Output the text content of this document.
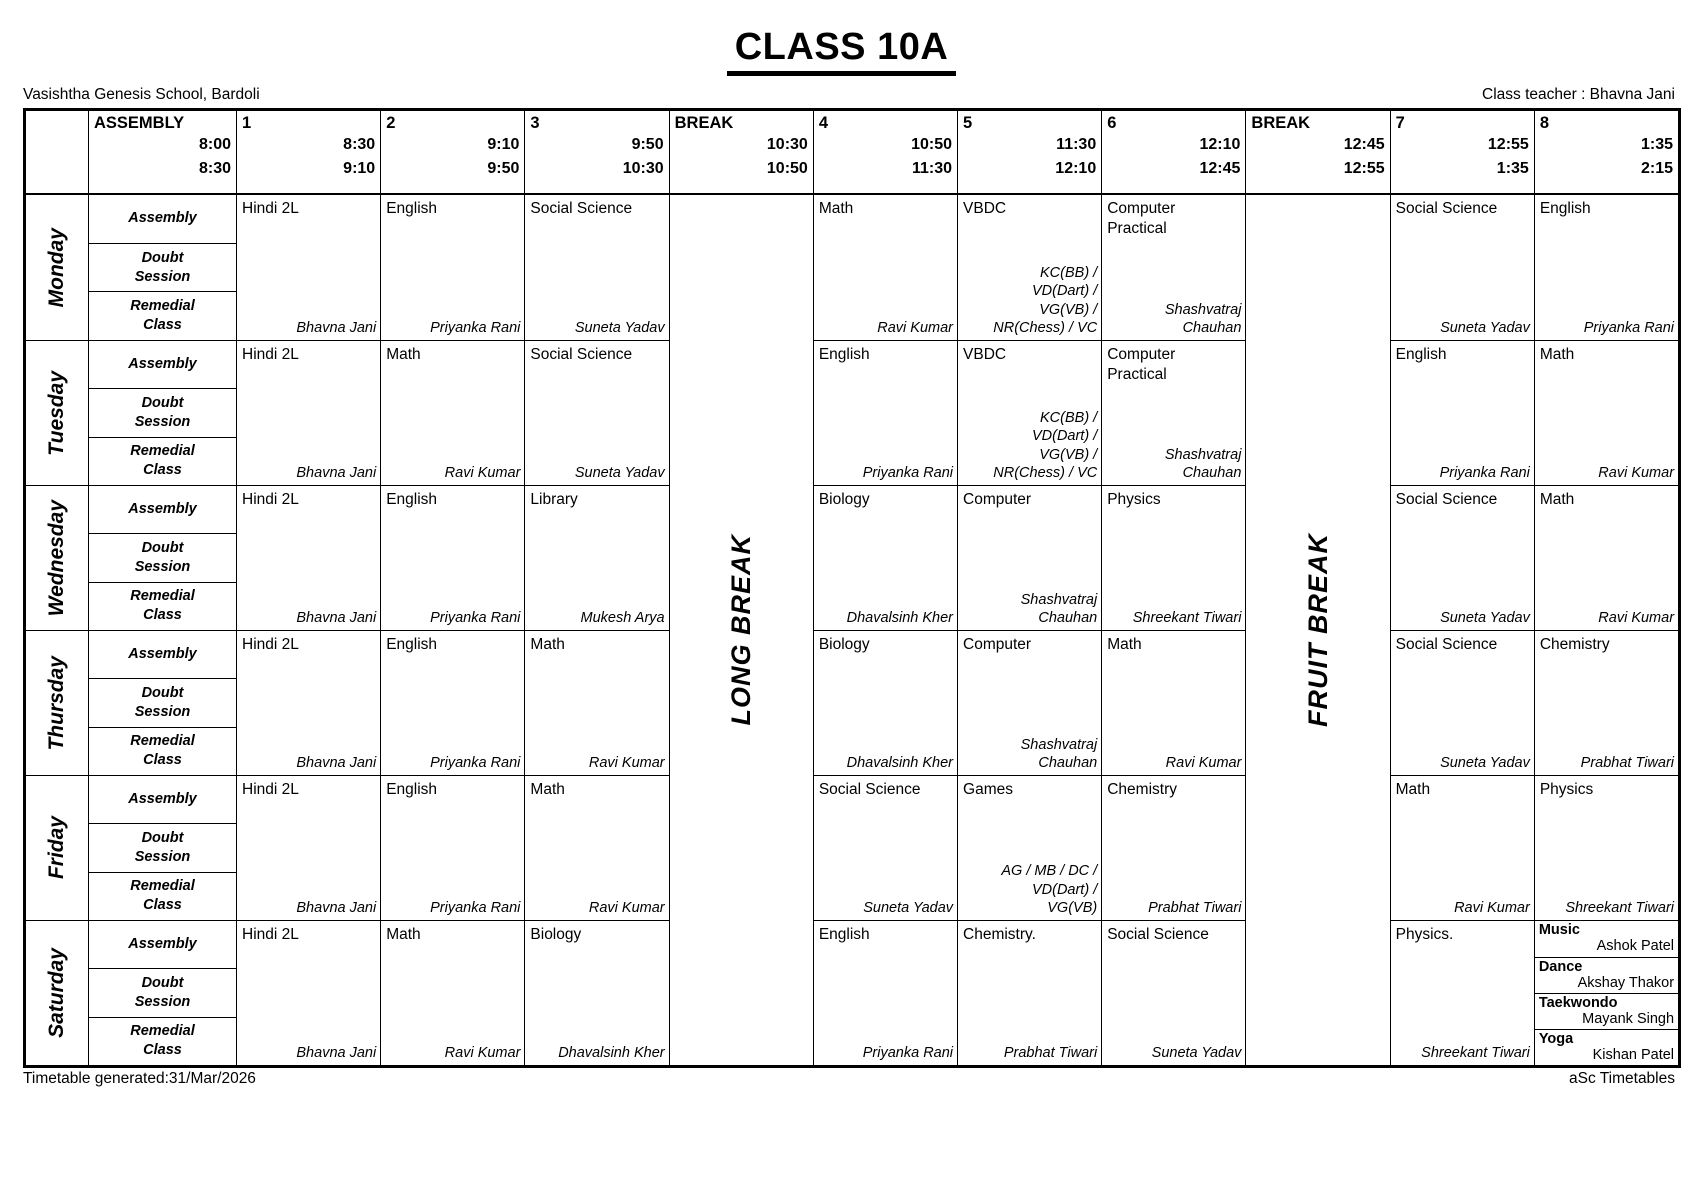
CLASS 10A
Vasishtha Genesis School, Bardoli	Class teacher : Bhavna Jani
ASSEMBLY
8:00
8:30
1
8:30
9:10
2
9:10
9:50
3
9:50
10:30
BREAK
10:30
10:50
4
10:50
11:30
5
11:30
12:10
6
12:10
12:45
BREAK
12:45
12:55
7
12:55
1:35
8
1:35
2:15
Monday
Tuesday
Wednesday
Thursday
Friday
Saturday
Assembly
Doubt Session
Remedial Class
Assembly
Doubt Session
Remedial Class
Assembly
Doubt Session
Remedial Class
Assembly
Doubt Session
Remedial Class
Assembly
Doubt Session
Remedial Class
Assembly
Doubt Session
Remedial Class
Hindi 2L
Bhavna Jani
Hindi 2L
Bhavna Jani
Hindi 2L
Bhavna Jani
Hindi 2L
Bhavna Jani
Hindi 2L
Bhavna Jani
Hindi 2L
Bhavna Jani
English
Priyanka Rani
Math
Ravi Kumar
English
Priyanka Rani
English
Priyanka Rani
English
Priyanka Rani
Math
Ravi Kumar
Social Science
Suneta Yadav
Social Science
Suneta Yadav
Library
Mukesh Arya
Math
Ravi Kumar
Math
Ravi Kumar
Biology
Dhavalsinh Kher
LONG BREAK
Math
Ravi Kumar
English
Priyanka Rani
Biology
Dhavalsinh Kher
Biology
Dhavalsinh Kher
Social Science
Suneta Yadav
English
Priyanka Rani
VBDC
KC(BB) / VD(Dart) / VG(VB) / NR(Chess) / VC
VBDC
KC(BB) / VD(Dart) / VG(VB) / NR(Chess) / VC
Computer
Shashvatraj Chauhan
Computer
Shashvatraj Chauhan
Games
AG / MB / DC / VD(Dart) / VG(VB)
Chemistry.
Prabhat Tiwari
Computer Practical
Shashvatraj Chauhan
Computer Practical
Shashvatraj Chauhan
Physics
Shreekant Tiwari
Math
Ravi Kumar
Chemistry
Prabhat Tiwari
Social Science
Suneta Yadav
FRUIT BREAK
Social Science
Suneta Yadav
English
Priyanka Rani
Social Science
Suneta Yadav
Social Science
Suneta Yadav
Math
Ravi Kumar
Physics.
Shreekant Tiwari
English
Priyanka Rani
Math
Ravi Kumar
Math
Ravi Kumar
Chemistry
Prabhat Tiwari
Physics
Shreekant Tiwari
Music
Ashok Patel
Dance
Akshay Thakor
Taekwondo
Mayank Singh
Yoga
Kishan Patel
Timetable generated:31/Mar/2026	aSc Timetables
